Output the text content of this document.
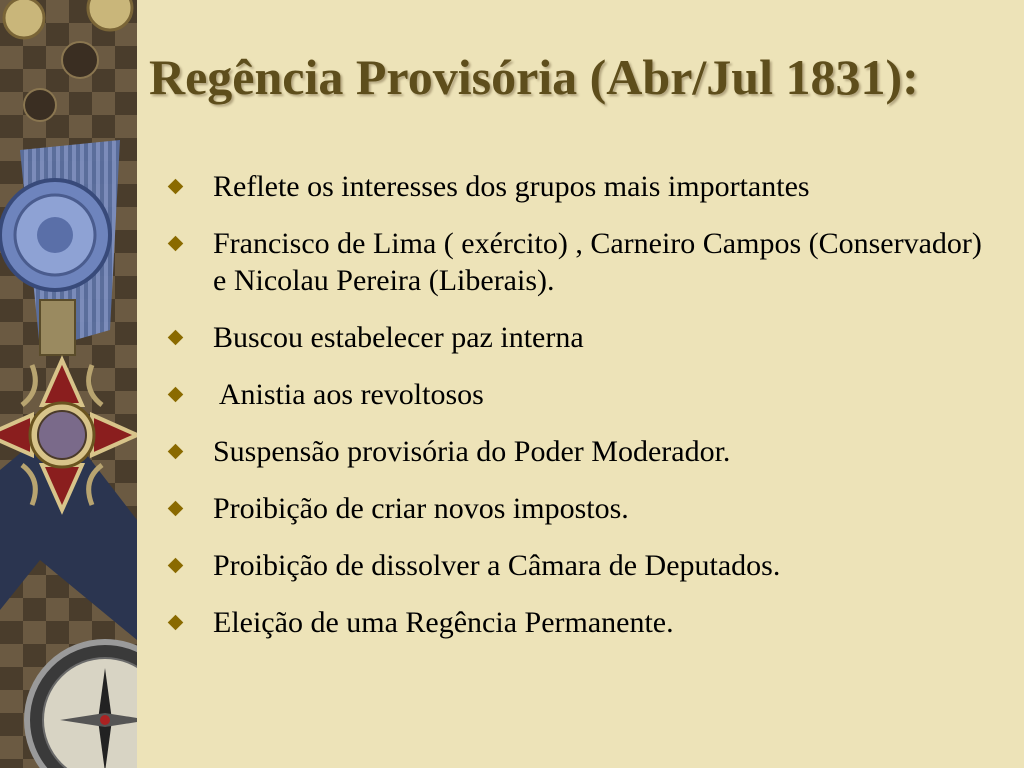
Regência Provisória (Abr/Jul 1831):
Reflete os interesses dos grupos mais importantes
Francisco de Lima ( exército) , Carneiro Campos (Conservador) e Nicolau Pereira (Liberais).
Buscou estabelecer paz interna
Anistia aos revoltosos
Suspensão provisória do Poder Moderador.
Proibição de criar novos impostos.
Proibição de dissolver a Câmara de Deputados.
Eleição de uma Regência Permanente.
